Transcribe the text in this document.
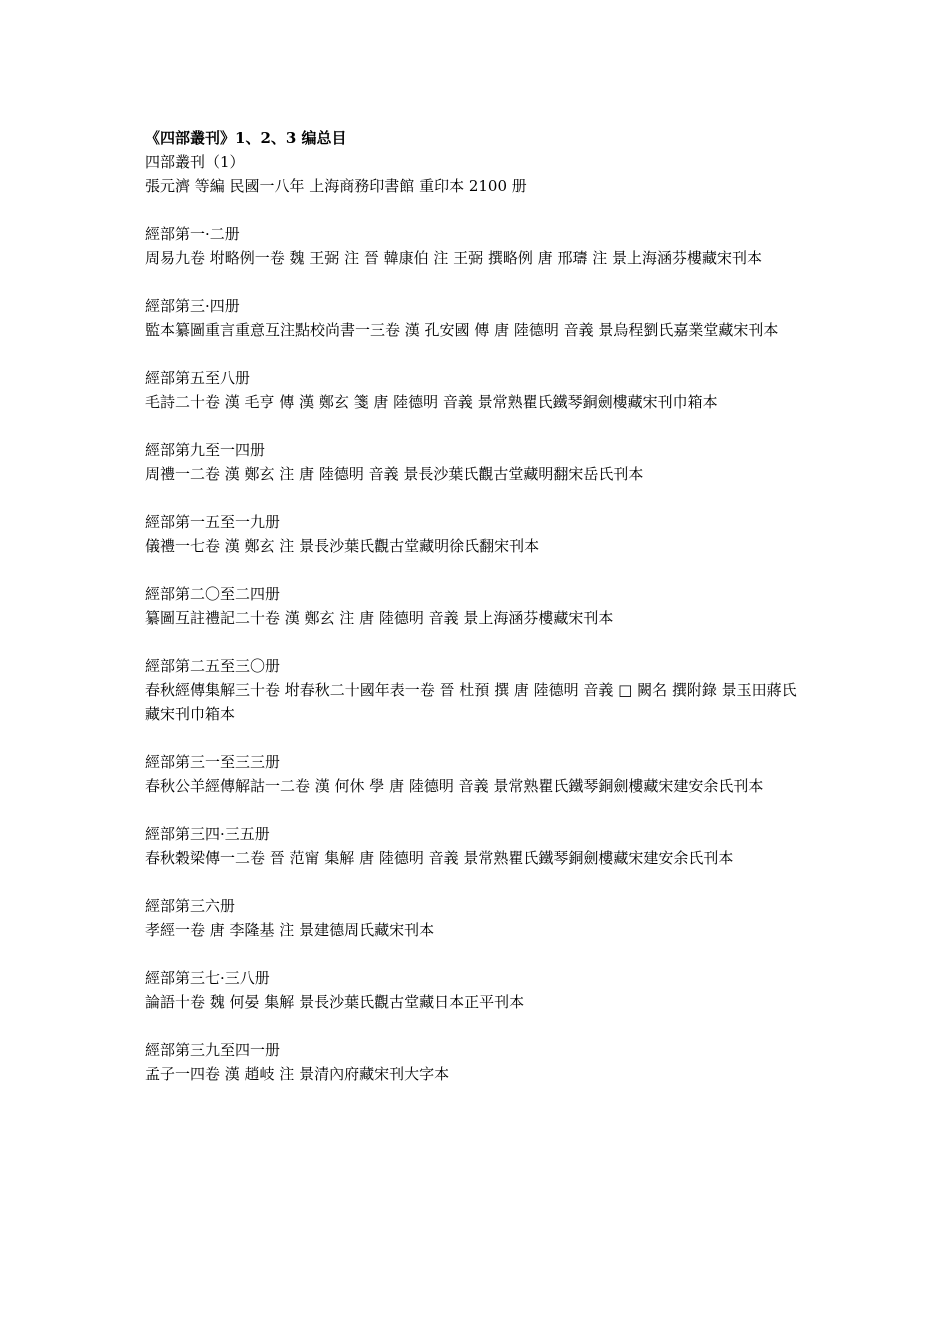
《四部叢刊》1、2、3 编总目

四部叢刊（1）

張元濟 等編 民國一八年 上海商務印書館 重印本 2100 册

經部第一·二册

周易九卷 坿略例一卷 魏 王弼 注 晉 韓康伯 注 王弼 撰略例 唐 邢璹 注 景上海涵芬樓藏宋刊本

經部第三·四册

監本纂圖重言重意互注點校尚書一三卷 漢 孔安國 傳 唐 陸德明 音義 景烏程劉氏嘉業堂藏宋刊本

經部第五至八册

毛詩二十卷 漢 毛亨 傳 漢 鄭玄 箋 唐 陸德明 音義 景常熟瞿氏鐵琴銅劍樓藏宋刊巾箱本

經部第九至一四册

周禮一二卷 漢 鄭玄 注 唐 陸德明 音義 景長沙葉氏觀古堂藏明翻宋岳氏刊本

經部第一五至一九册

儀禮一七卷 漢 鄭玄 注 景長沙葉氏觀古堂藏明徐氏翻宋刊本

經部第二〇至二四册

纂圖互註禮記二十卷 漢 鄭玄 注 唐 陸德明 音義 景上海涵芬樓藏宋刊本

經部第二五至三〇册

春秋經傳集解三十卷 坿春秋二十國年表一卷 晉 杜預 撰 唐 陸德明 音義 □ 闕名 撰附錄 景玉田蔣氏藏宋刊巾箱本

經部第三一至三三册

春秋公羊經傳解詁一二卷 漢 何休 學 唐 陸德明 音義 景常熟瞿氏鐵琴銅劍樓藏宋建安余氏刊本

經部第三四·三五册

春秋穀梁傳一二卷 晉 范甯 集解 唐 陸德明 音義 景常熟瞿氏鐵琴銅劍樓藏宋建安余氏刊本

經部第三六册

孝經一卷 唐 李隆基 注 景建德周氏藏宋刊本

經部第三七·三八册

論語十卷 魏 何晏 集解 景長沙葉氏觀古堂藏日本正平刊本

經部第三九至四一册

孟子一四卷 漢 趙岐 注 景清內府藏宋刊大字本
